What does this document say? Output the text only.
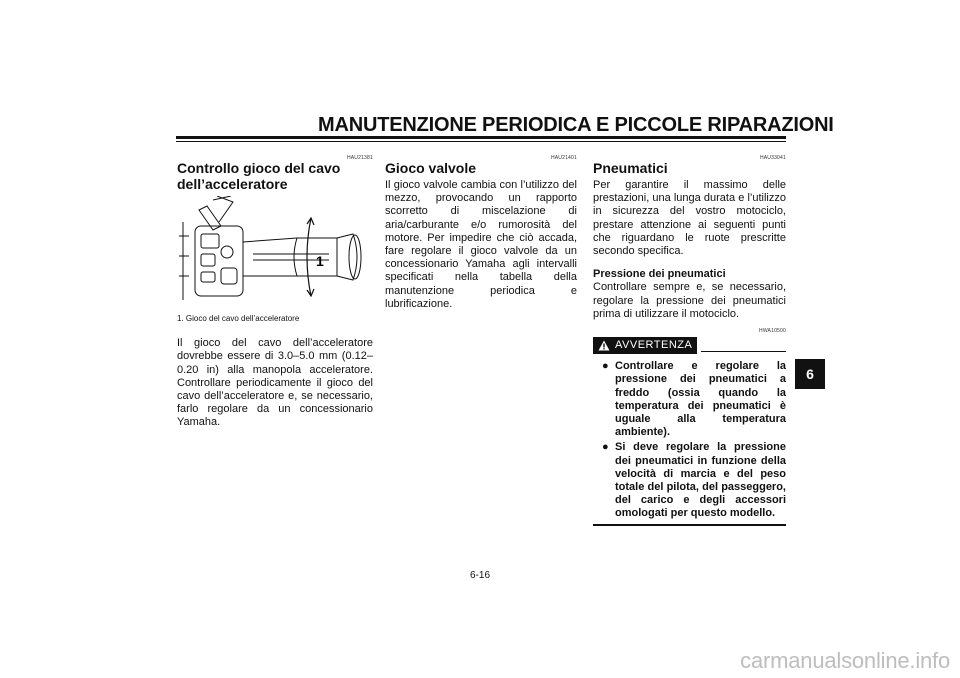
MANUTENZIONE PERIODICA E PICCOLE RIPARAZIONI
HAU21381
Controllo gioco del cavo dell’acceleratore
1
1. Gioco del cavo dell’acceleratore

Il gioco del cavo dell’acceleratore dovrebbe essere di 3.0–5.0 mm (0.12–0.20 in) alla manopola acceleratore. Controllare periodicamente il gioco del cavo dell’acceleratore e, se necessario, farlo regolare da un concessionario Yamaha.

HAU21401
Gioco valvole

Il gioco valvole cambia con l’utilizzo del mezzo, provocando un rapporto scorretto di miscelazione di aria/carburante e/o rumorosità del motore. Per impedire che ciò accada, fare regolare il gioco valvole da un concessionario Yamaha agli intervalli specificati nella tabella della manutenzione periodica e lubrificazione.

HAU33041
Pneumatici

Per garantire il massimo delle prestazioni, una lunga durata e l’utilizzo in sicurezza del vostro motociclo, prestare attenzione ai seguenti punti che riguardano le ruote prescritte secondo specifica.

Pressione dei pneumatici

Controllare sempre e, se necessario, regolare la pressione dei pneumatici prima di utilizzare il motociclo.

HWA10500
AVVERTENZA
● Controllare e regolare la pressione dei pneumatici a freddo (ossia quando la temperatura dei pneumatici è uguale alla temperatura ambiente).
● Si deve regolare la pressione dei pneumatici in funzione della velocità di marcia e del peso totale del pilota, del passeggero, del carico e degli accessori omologati per questo modello.
6
6-16
carmanualsonline.info
